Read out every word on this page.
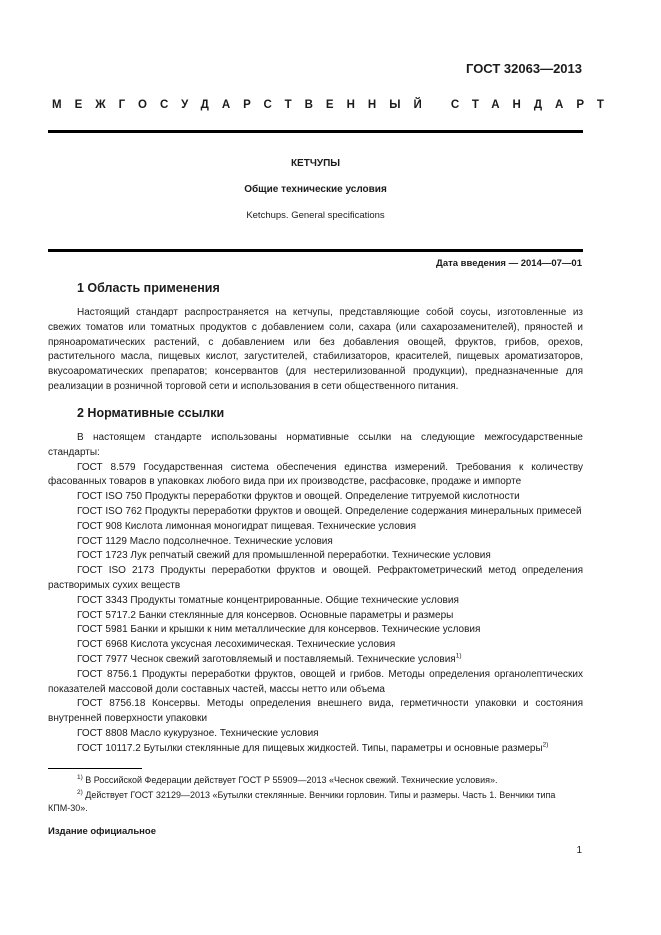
ГОСТ 32063—2013
МЕЖГОСУДАРСТВЕННЫЙ СТАНДАРТ
КЕТЧУПЫ
Общие технические условия
Ketchups. General specifications
Дата введения — 2014—07—01
1 Область применения

Настоящий стандарт распространяется на кетчупы, представляющие собой соусы, изготовленные из свежих томатов или томатных продуктов с добавлением соли, сахара (или сахарозаменителей), пряностей и пряноароматических растений, с добавлением или без добавления овощей, фруктов, грибов, орехов, растительного масла, пищевых кислот, загустителей, стабилизаторов, красителей, пищевых ароматизаторов, вкусоароматических препаратов; консервантов (для нестерилизованной продукции), предназначенные для реализации в розничной торговой сети и использования в сети общественного питания.

2 Нормативные ссылки

В настоящем стандарте использованы нормативные ссылки на следующие межгосударственные стандарты:

ГОСТ 8.579 Государственная система обеспечения единства измерений. Требования к количеству фасованных товаров в упаковках любого вида при их производстве, расфасовке, продаже и импорте

ГОСТ ISO 750 Продукты переработки фруктов и овощей. Определение титруемой кислотности

ГОСТ ISO 762 Продукты переработки фруктов и овощей. Определение содержания минеральных примесей

ГОСТ 908 Кислота лимонная моногидрат пищевая. Технические условия

ГОСТ 1129 Масло подсолнечное. Технические условия

ГОСТ 1723 Лук репчатый свежий для промышленной переработки. Технические условия

ГОСТ ISO 2173 Продукты переработки фруктов и овощей. Рефрактометрический метод определения растворимых сухих веществ

ГОСТ 3343 Продукты томатные концентрированные. Общие технические условия

ГОСТ 5717.2 Банки стеклянные для консервов. Основные параметры и размеры

ГОСТ 5981 Банки и крышки к ним металлические для консервов. Технические условия

ГОСТ 6968 Кислота уксусная лесохимическая. Технические условия

ГОСТ 7977 Чеснок свежий заготовляемый и поставляемый. Технические условия$^{1)}$

ГОСТ 8756.1 Продукты переработки фруктов, овощей и грибов. Методы определения органолептических показателей массовой доли составных частей, массы нетто или объема

ГОСТ 8756.18 Консервы. Методы определения внешнего вида, герметичности упаковки и состояния внутренней поверхности упаковки

ГОСТ 8808 Масло кукурузное. Технические условия

ГОСТ 10117.2 Бутылки стеклянные для пищевых жидкостей. Типы, параметры и основные размеры$^{2)}$

$^{1)}$ В Российской Федерации действует ГОСТ Р 55909—2013 «Чеснок свежий. Технические условия».

$^{2)}$ Действует ГОСТ 32129—2013 «Бутылки стеклянные. Венчики горловин. Типы и размеры. Часть 1. Венчики типа КПМ-30».

Издание официальное
1
